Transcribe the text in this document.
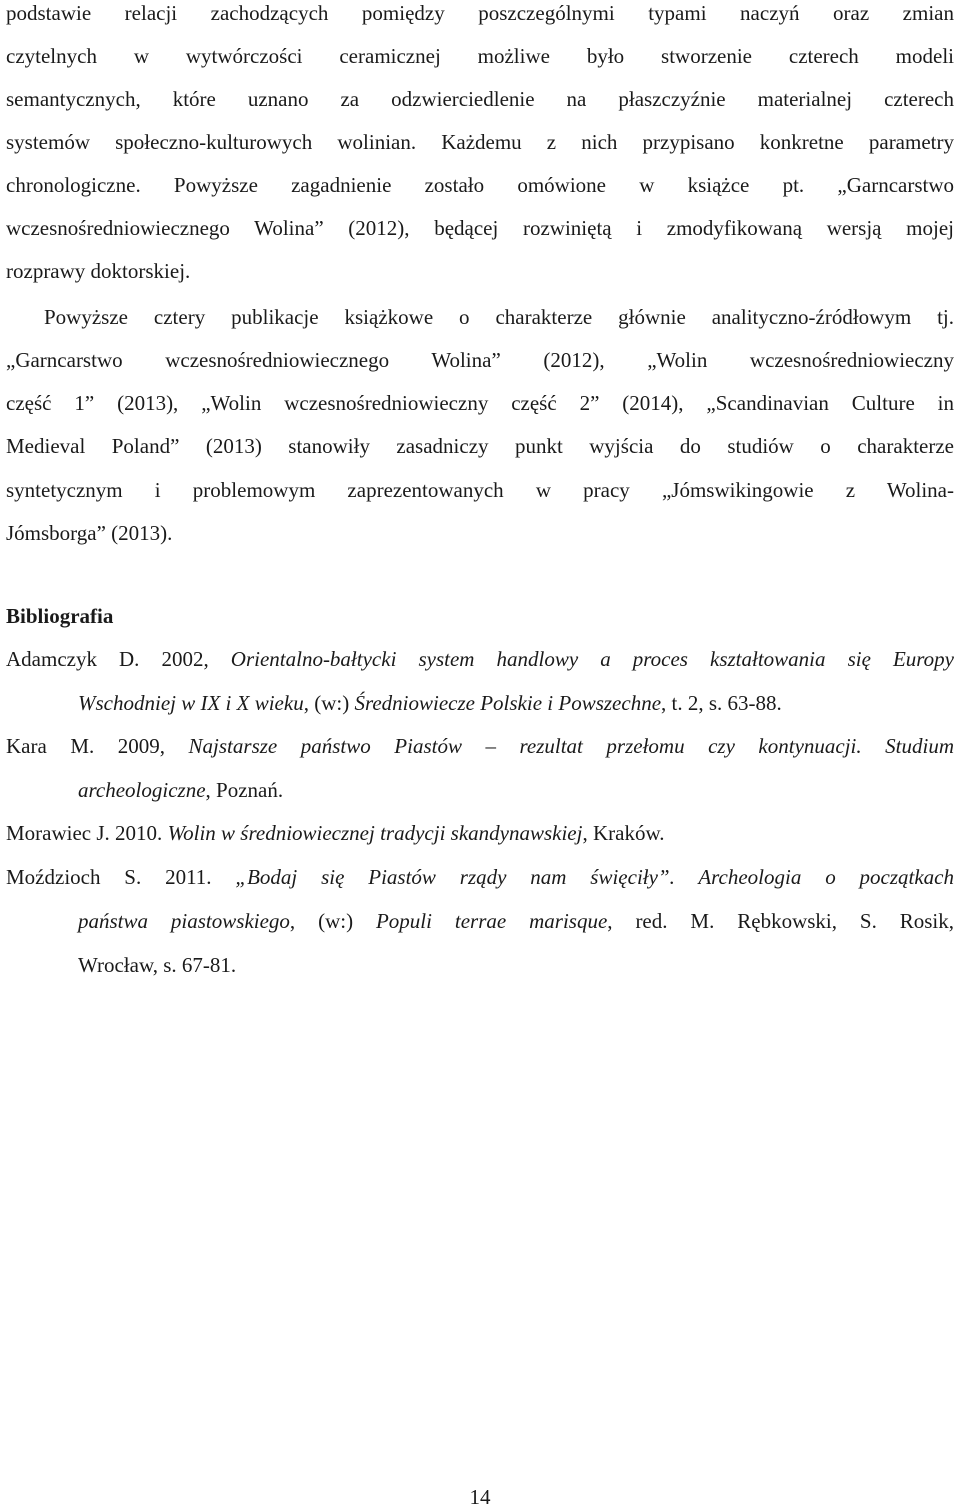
podstawie relacji zachodzących pomiędzy poszczególnymi typami naczyń oraz zmian
czytelnych w wytwórczości ceramicznej możliwe było stworzenie czterech modeli
semantycznych, które uznano za odzwierciedlenie na płaszczyźnie materialnej czterech
systemów społeczno-kulturowych wolinian. Każdemu z nich przypisano konkretne parametry
chronologiczne. Powyższe zagadnienie zostało omówione w książce pt. „Garncarstwo
wczesnośredniowiecznego Wolina” (2012), będącej rozwiniętą i zmodyfikowaną wersją mojej
rozprawy doktorskiej.
Powyższe cztery publikacje książkowe o charakterze głównie analityczno-źródłowym tj.
„Garncarstwo wczesnośredniowiecznego Wolina” (2012), „Wolin wczesnośredniowieczny
część 1” (2013), „Wolin wczesnośredniowieczny część 2” (2014), „Scandinavian Culture in
Medieval Poland” (2013) stanowiły zasadniczy punkt wyjścia do studiów o charakterze
syntetycznym i problemowym zaprezentowanych w pracy „Jómswikingowie z Wolina-
Jómsborga” (2013).
Bibliografia
Adamczyk D. 2002, Orientalno-bałtycki system handlowy a proces kształtowania się Europy
Wschodniej w IX i X wieku, (w:) Średniowiecze Polskie i Powszechne, t. 2, s. 63-88.
Kara M. 2009, Najstarsze państwo Piastów – rezultat przełomu czy kontynuacji. Studium
archeologiczne, Poznań.
Morawiec J. 2010. Wolin w średniowiecznej tradycji skandynawskiej, Kraków.
Moździoch S. 2011. „Bodaj się Piastów rządy nam święciły”. Archeologia o początkach
państwa piastowskiego, (w:) Populi terrae marisque, red. M. Rębkowski, S. Rosik,
Wrocław, s. 67-81.
14
